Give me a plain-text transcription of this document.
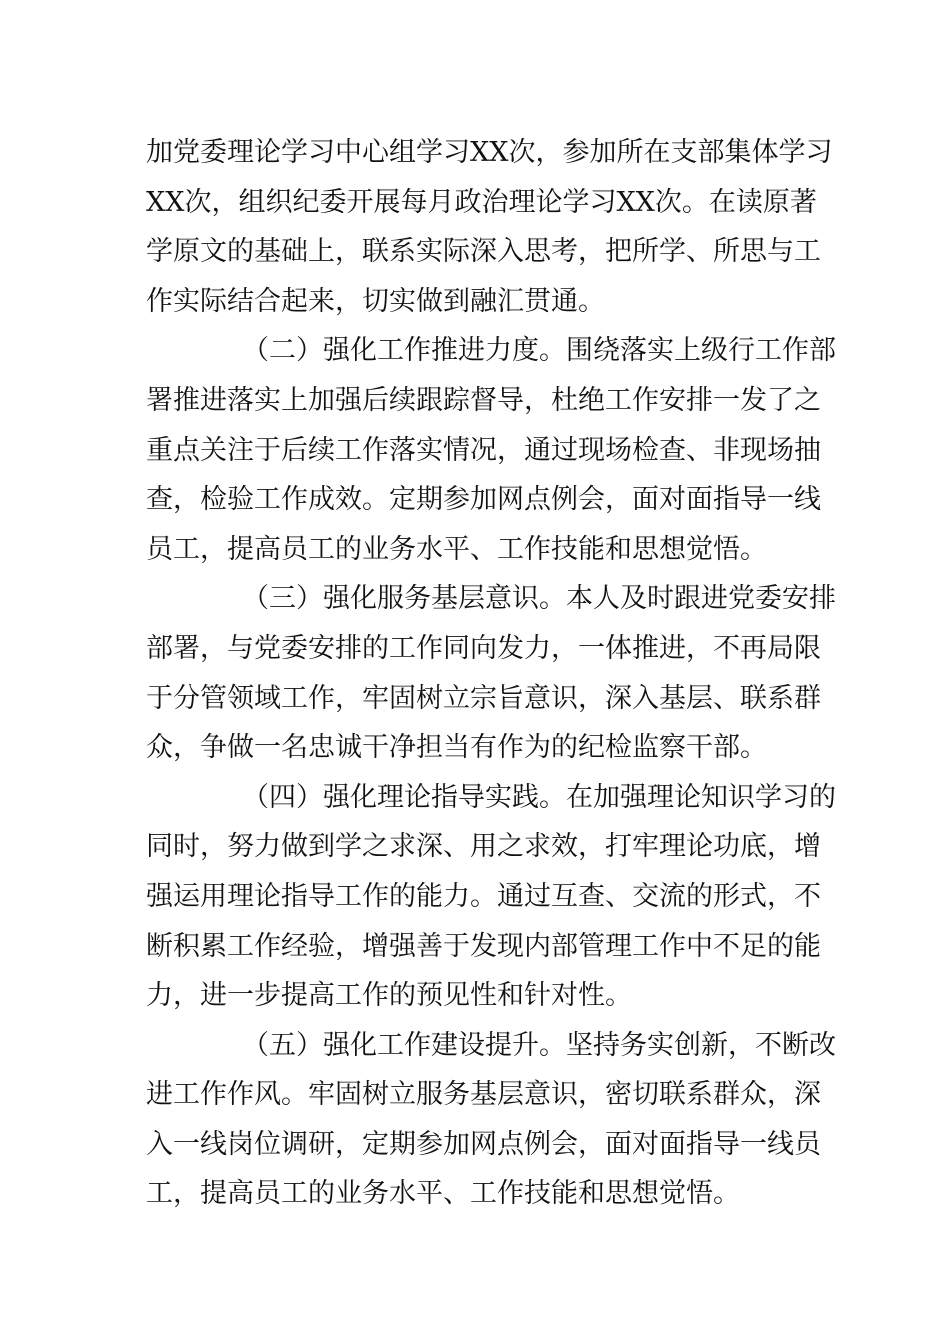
加党委理论学习中心组学习XX次，参加所在支部集体学习
XX次，组织纪委开展每月政治理论学习XX次。在读原著
学原文的基础上，联系实际深入思考，把所学、所思与工
作实际结合起来，切实做到融汇贯通。
（二）强化工作推进力度。围绕落实上级行工作部
署推进落实上加强后续跟踪督导，杜绝工作安排一发了之
重点关注于后续工作落实情况，通过现场检查、非现场抽
查，检验工作成效。定期参加网点例会，面对面指导一线
员工，提高员工的业务水平、工作技能和思想觉悟。
（三）强化服务基层意识。本人及时跟进党委安排
部署，与党委安排的工作同向发力，一体推进，不再局限
于分管领域工作，牢固树立宗旨意识，深入基层、联系群
众，争做一名忠诚干净担当有作为的纪检监察干部。
（四）强化理论指导实践。在加强理论知识学习的
同时，努力做到学之求深、用之求效，打牢理论功底，增
强运用理论指导工作的能力。通过互查、交流的形式，不
断积累工作经验，增强善于发现内部管理工作中不足的能
力，进一步提高工作的预见性和针对性。
（五）强化工作建设提升。坚持务实创新，不断改
进工作作风。牢固树立服务基层意识，密切联系群众，深
入一线岗位调研，定期参加网点例会，面对面指导一线员
工，提高员工的业务水平、工作技能和思想觉悟。
